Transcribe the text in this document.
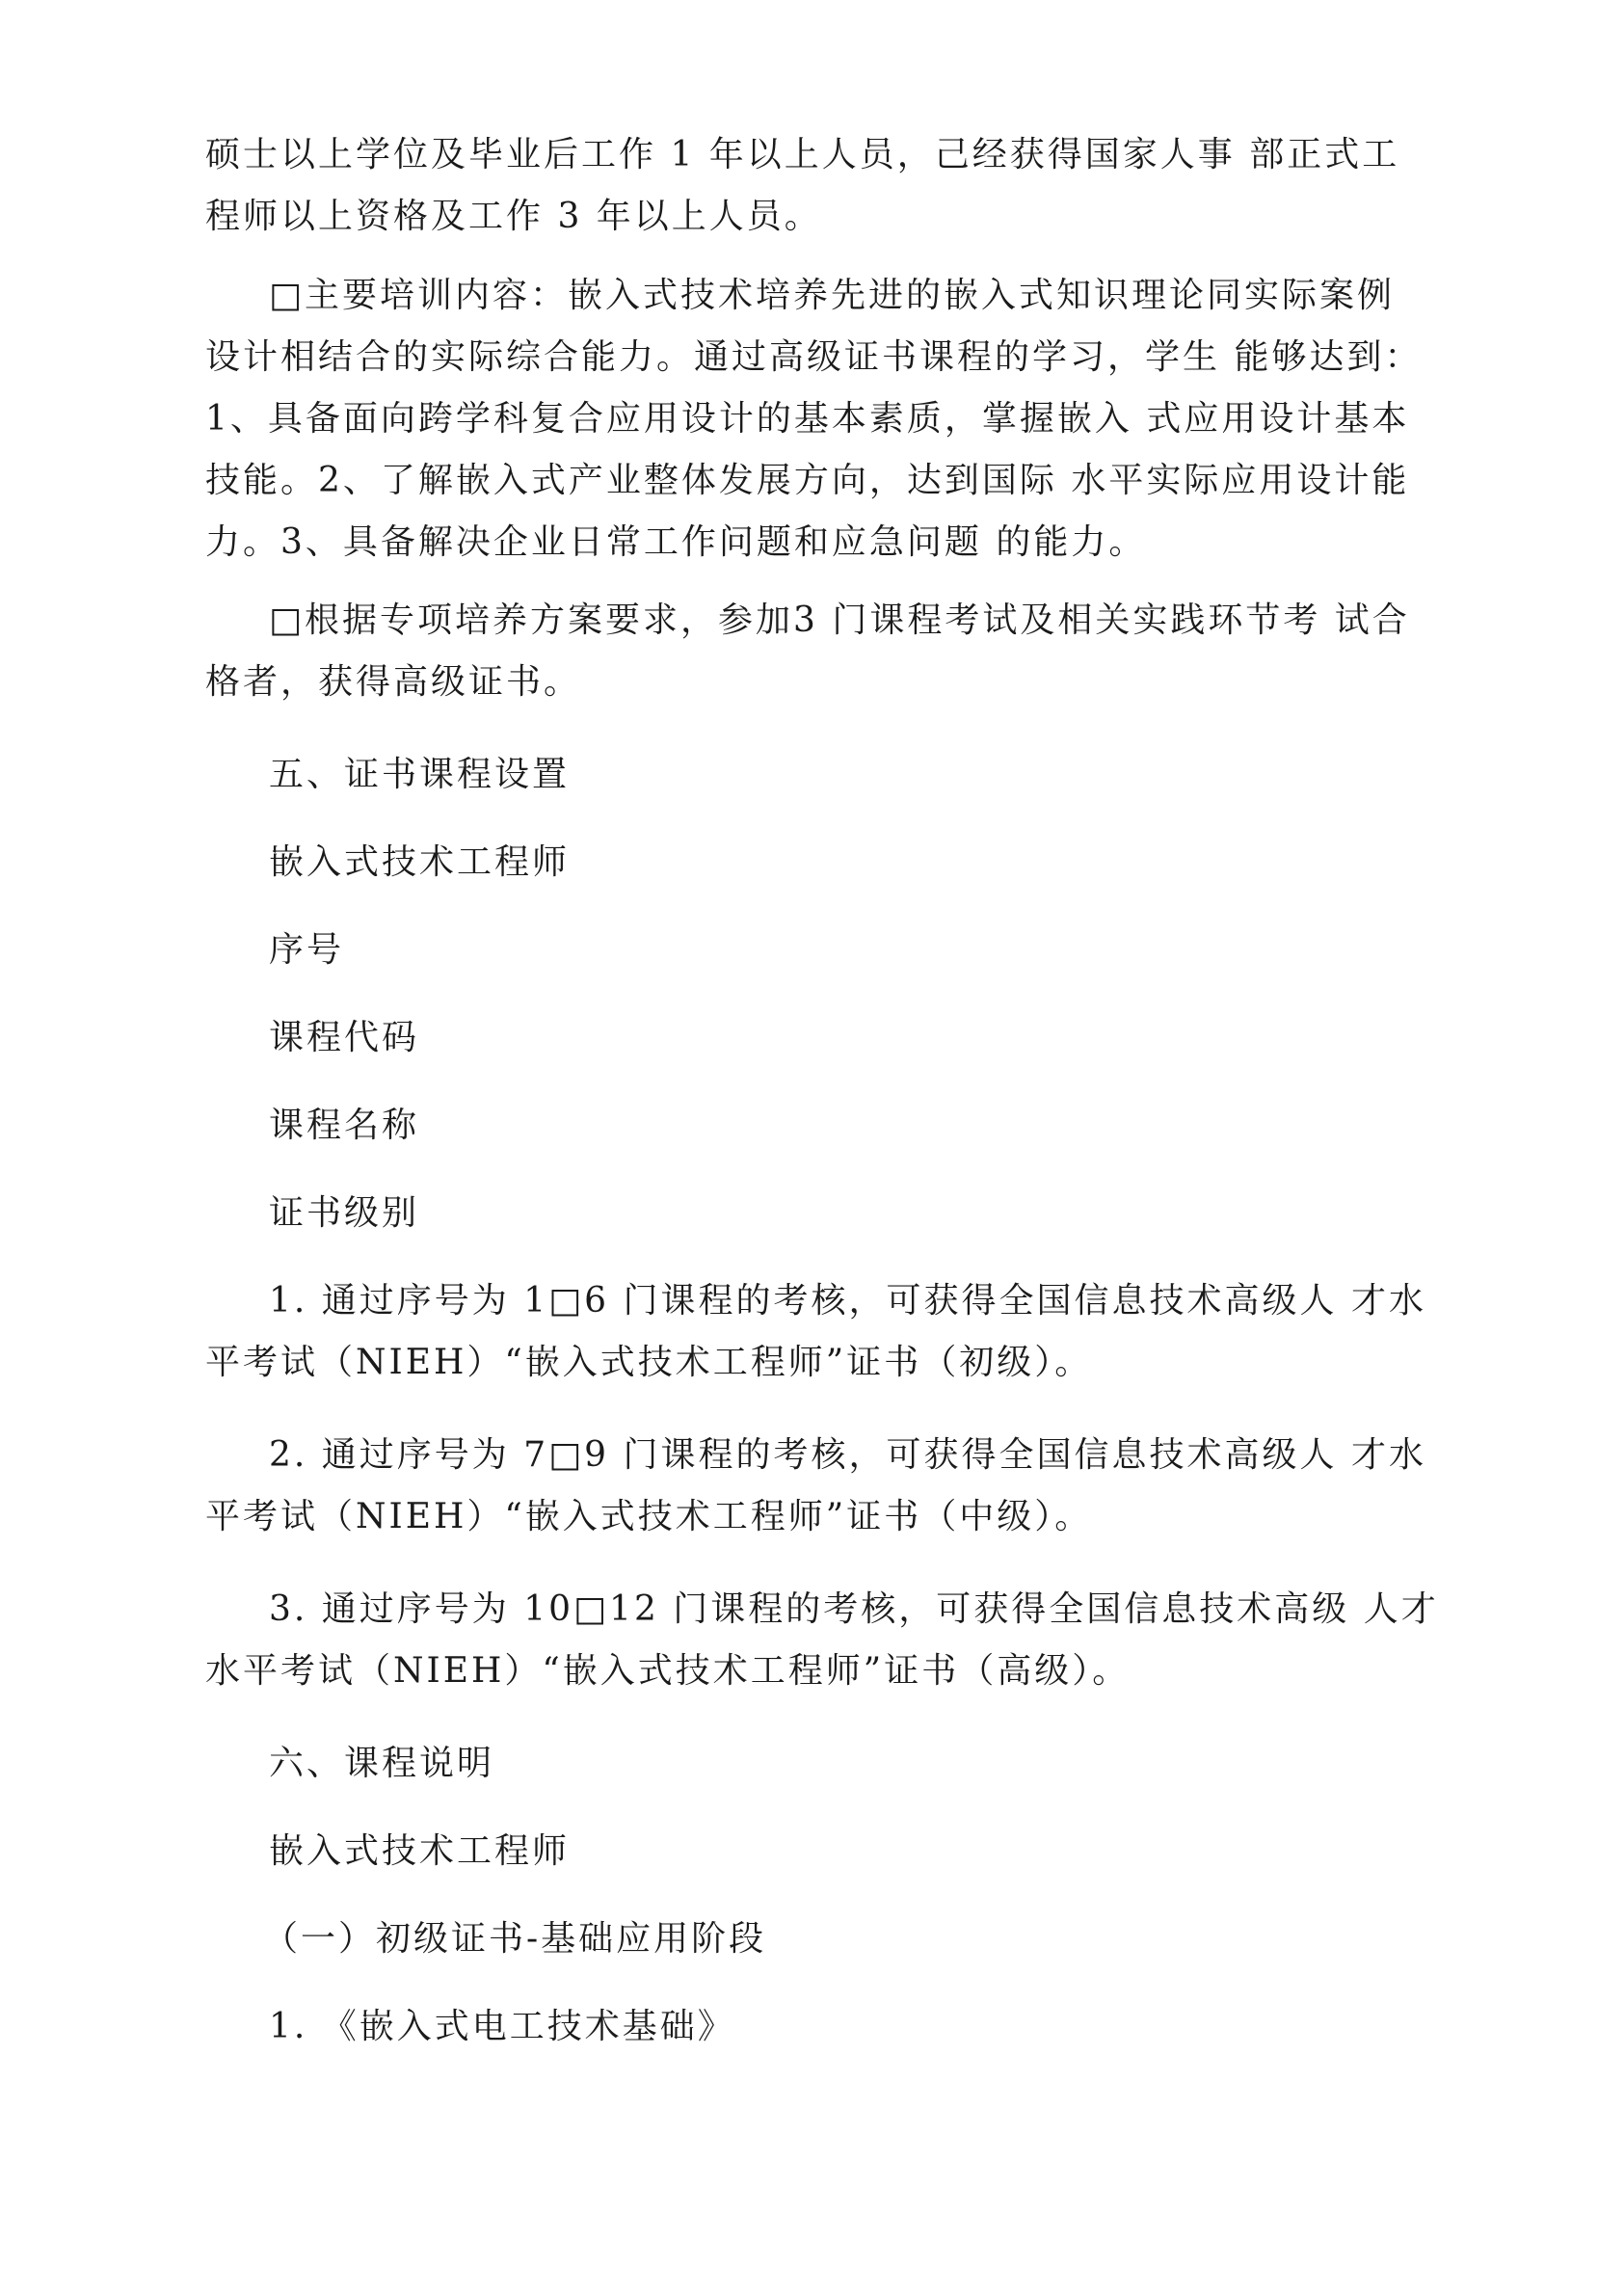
硕士以上学位及毕业后工作 1 年以上人员，己经获得国家人事 部正式工
程师以上资格及工作 3 年以上人员。
□主要培训内容：嵌入式技术培养先进的嵌入式知识理论同实际案例
设计相结合的实际综合能力。通过高级证书课程的学习，学生 能够达到：
1、具备面向跨学科复合应用设计的基本素质，掌握嵌入 式应用设计基本
技能。2、了解嵌入式产业整体发展方向，达到国际 水平实际应用设计能
力。3、具备解决企业日常工作问题和应急问题 的能力。
□根据专项培养方案要求，参加3 门课程考试及相关实践环节考 试合
格者，获得高级证书。
五、证书课程设置
嵌入式技术工程师
序号
课程代码
课程名称
证书级别
1. 通过序号为 1□6 门课程的考核，可获得全国信息技术高级人 才水
平考试（NIEH）“嵌入式技术工程师”证书（初级）。
2. 通过序号为 7□9 门课程的考核，可获得全国信息技术高级人 才水
平考试（NIEH）“嵌入式技术工程师”证书（中级）。
3. 通过序号为 10□12 门课程的考核，可获得全国信息技术高级 人才
水平考试（NIEH）“嵌入式技术工程师”证书（高级）。
六、课程说明
嵌入式技术工程师
（一）初级证书-基础应用阶段
1. 《嵌入式电工技术基础》
